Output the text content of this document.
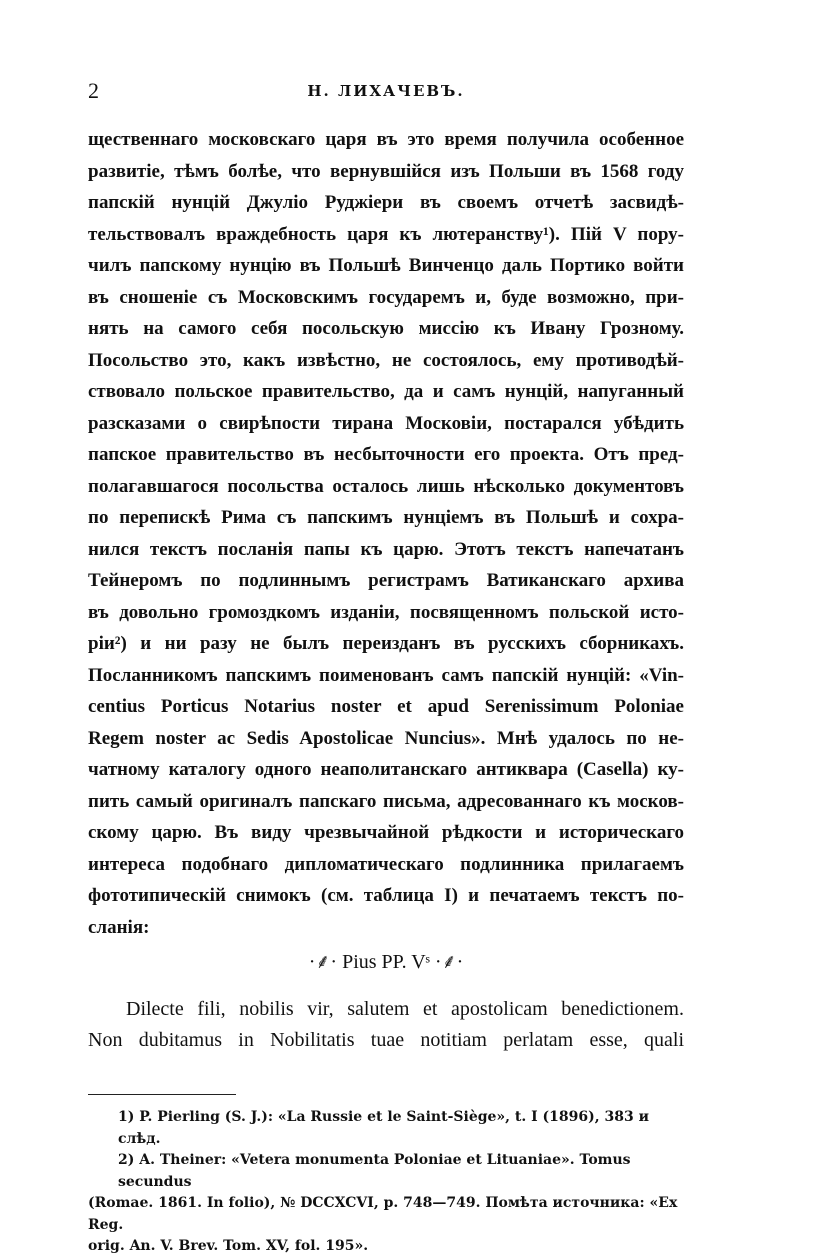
2	Н. ЛИХАЧЕВЪ.

щественнаго московскаго царя въ это время получила особенное
развитіе, тѣмъ болѣе, что вернувшійся изъ Польши въ 1568 году
папскій нунцій Джуліо Руджіери въ своемъ отчетѣ засвидѣ-
тельствовалъ враждебность царя къ лютеранству¹). Пій V пору-
чилъ папскому нунцію въ Польшѣ Винченцо даль Портико войти
въ сношеніе съ Московскимъ государемъ и, буде возможно, при-
нять на самого себя посольскую миссію къ Ивану Грозному.
Посольство это, какъ извѣстно, не состоялось, ему противодѣй-
ствовало польское правительство, да и самъ нунцій, напуганный
разсказами о свирѣпости тирана Московіи, постарался убѣдить
папское правительство въ несбыточности его проекта. Отъ пред-
полагавшагося посольства осталось лишь нѣсколько документовъ
по перепискѣ Рима съ папскимъ нунціемъ въ Польшѣ и сохра-
нился текстъ посланія папы къ царю. Этотъ текстъ напечатанъ
Тейнеромъ по подлиннымъ регистрамъ Ватиканскаго архива
въ довольно громоздкомъ изданіи, посвященномъ польской исто-
ріи²) и ни разу не былъ переизданъ въ русскихъ сборникахъ.
Посланникомъ папскимъ поименованъ самъ папскій нунцій: «Vin-
centius Porticus Notarius noster et apud Serenissimum Poloniae
Regem noster ac Sedis Apostolicae Nuncius». Мнѣ удалось по не-
чатному каталогу одного неаполитанскаго антиквара (Casella) ку-
пить самый оригиналъ папскаго письма, адресованнаго къ москов-
скому царю. Въ виду чрезвычайной рѣдкости и историческаго
интереса подобнаго дипломатическаго подлинника прилагаемъ
фототипическій снимокъ (см. таблица I) и печатаемъ текстъ по-
сланія:

·⸙· Pius PP. Vˢ ·⸙·

Dilecte fili, nobilis vir, salutem et apostolicam benedictionem.
Non dubitamus in Nobilitatis tuae notitiam perlatam esse, quali

1) P. Pierling (S. J.): «La Russie et le Saint-Siège», t. I (1896), 383 и слѣд.

2) A. Theiner: «Vetera monumenta Poloniae et Lituaniae». Tomus secundus

(Romae. 1861. In folio), № DCCXCVI, p. 748—749. Помѣта источника: «Ex Reg.

orig. An. V. Brev. Tom. XV, fol. 195».
